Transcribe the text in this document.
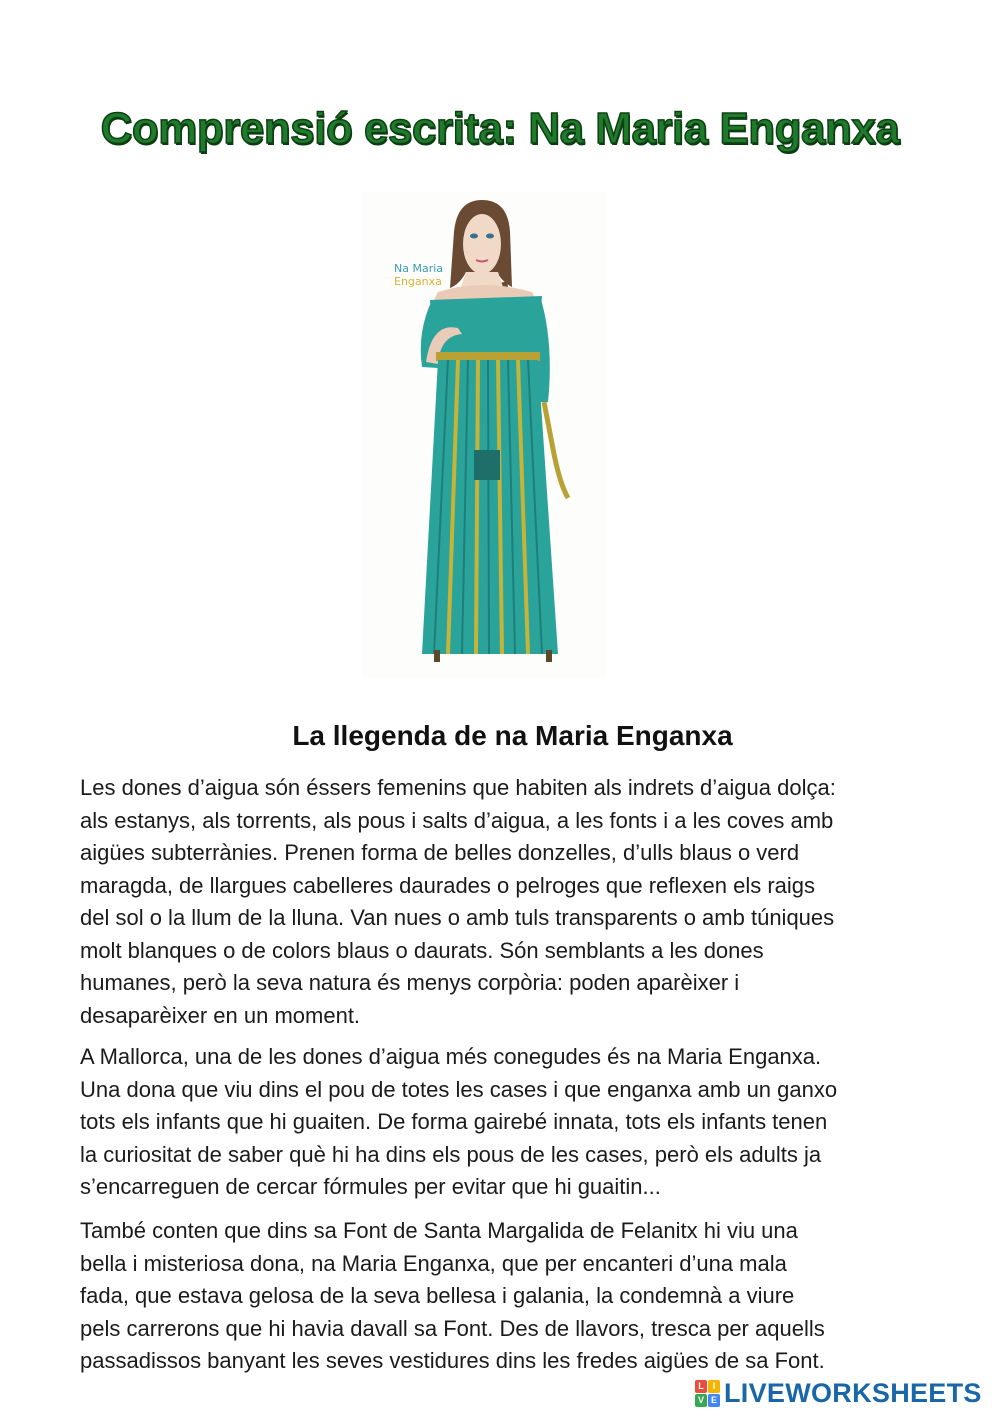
Comprensió escrita: Na Maria Enganxa
Na Maria
Enganxa
La llegenda de na Maria Enganxa
Les dones d’aigua són éssers femenins que habiten als indrets d’aigua dolça:
als estanys, als torrents, als pous i salts d’aigua, a les fonts i a les coves amb
aigües subterrànies. Prenen forma de belles donzelles, d’ulls blaus o verd
maragda, de llargues cabelleres daurades o pelroges que reflexen els raigs
del sol o la llum de la lluna. Van nues o amb tuls transparents o amb túniques
molt blanques o de colors blaus o daurats. Són semblants a les dones
humanes, però la seva natura és menys corpòria: poden aparèixer i
desaparèixer en un moment.
A Mallorca, una de les dones d’aigua més conegudes és na Maria Enganxa.
Una dona que viu dins el pou de totes les cases i que enganxa amb un ganxo
tots els infants que hi guaiten. De forma gairebé innata, tots els infants tenen
la curiositat de saber què hi ha dins els pous de les cases, però els adults ja
s’encarreguen de cercar fórmules per evitar que hi guaitin...
També conten que dins sa Font de Santa Margalida de Felanitx hi viu una
bella i misteriosa dona, na Maria Enganxa, que per encanteri d’una mala
fada, que estava gelosa de la seva bellesa i galania, la condemnà a viure
pels carrerons que hi havia davall sa Font. Des de llavors, tresca per aquells
passadissos banyant les seves vestidures dins les fredes aigües de sa Font.
L I
V E LIVEWORKSHEETS
